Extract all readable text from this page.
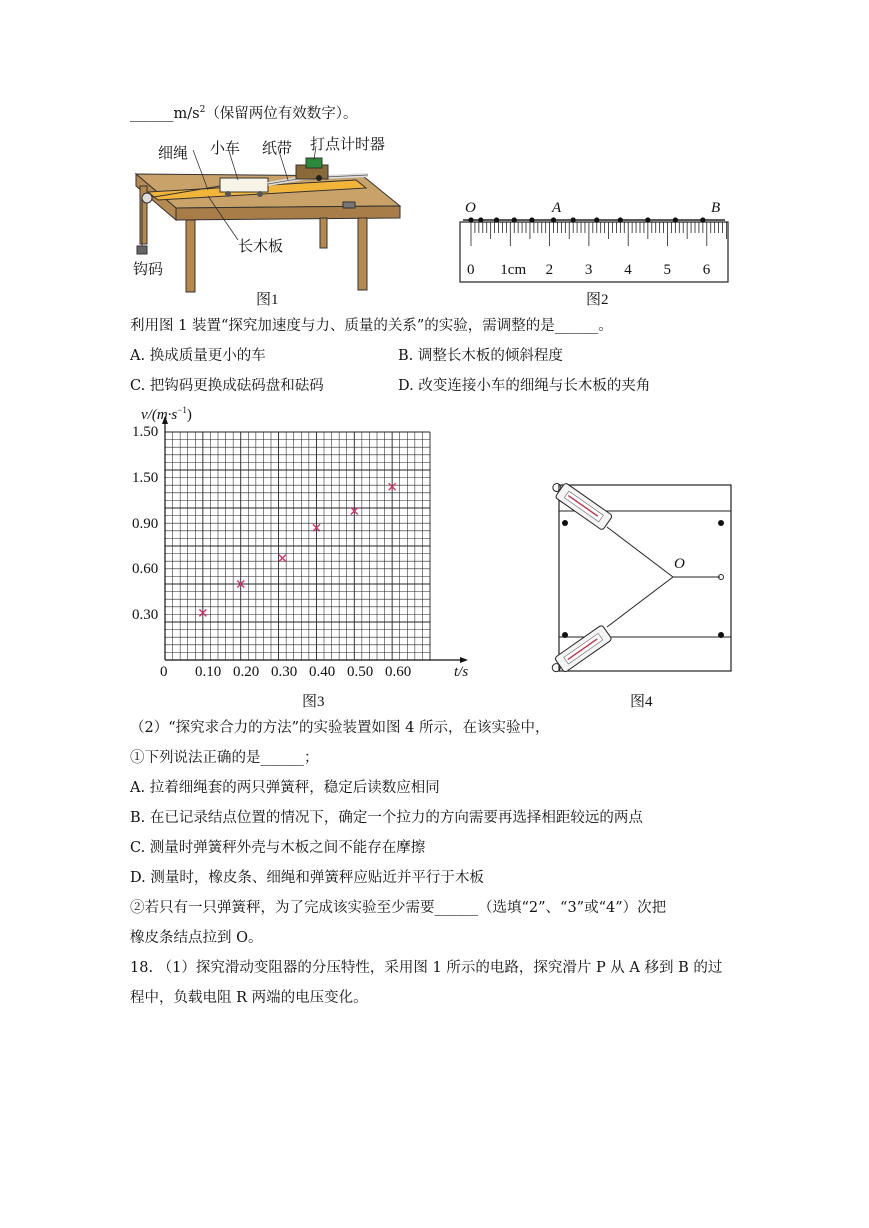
$\_\_\_\_\_\_m/s^2$（保留两位有效数字）。
细绳 小车 纸带 打点计时器
长木板
钩码
图1
O	A	B
图2
利用图 1 装置“探究加速度与力、质量的关系”的实验，需调整的是______。
A. 换成质量更小的车	B. 调整长木板的倾斜程度
C. 把钩码更换成砝码盘和砝码	D. 改变连接小车的细绳与长木板的夹角
$v/(m\cdot s^{-1})$
t/s
图3
O
图4
（2）“探究求合力的方法”的实验装置如图 4 所示，在该实验中，
①下列说法正确的是______；
A. 拉着细绳套的两只弹簧秤，稳定后读数应相同
B. 在已记录结点位置的情况下，确定一个拉力的方向需要再选择相距较远的两点
C. 测量时弹簧秤外壳与木板之间不能存在摩擦
D. 测量时，橡皮条、细绳和弹簧秤应贴近并平行于木板
②若只有一只弹簧秤，为了完成该实验至少需要______（选填“2”、“3”或“4”）次把
橡皮条结点拉到 O。
18. （1）探究滑动变阻器的分压特性，采用图 1 所示的电路，探究滑片 P 从 A 移到 B 的过
程中，负载电阻 R 两端的电压变化。
0 1cm 2 3 4 5 6
1.50
1.50
0.90
0.60
0.30
0 0.10 0.20 0.30 0.40 0.50 0.60
